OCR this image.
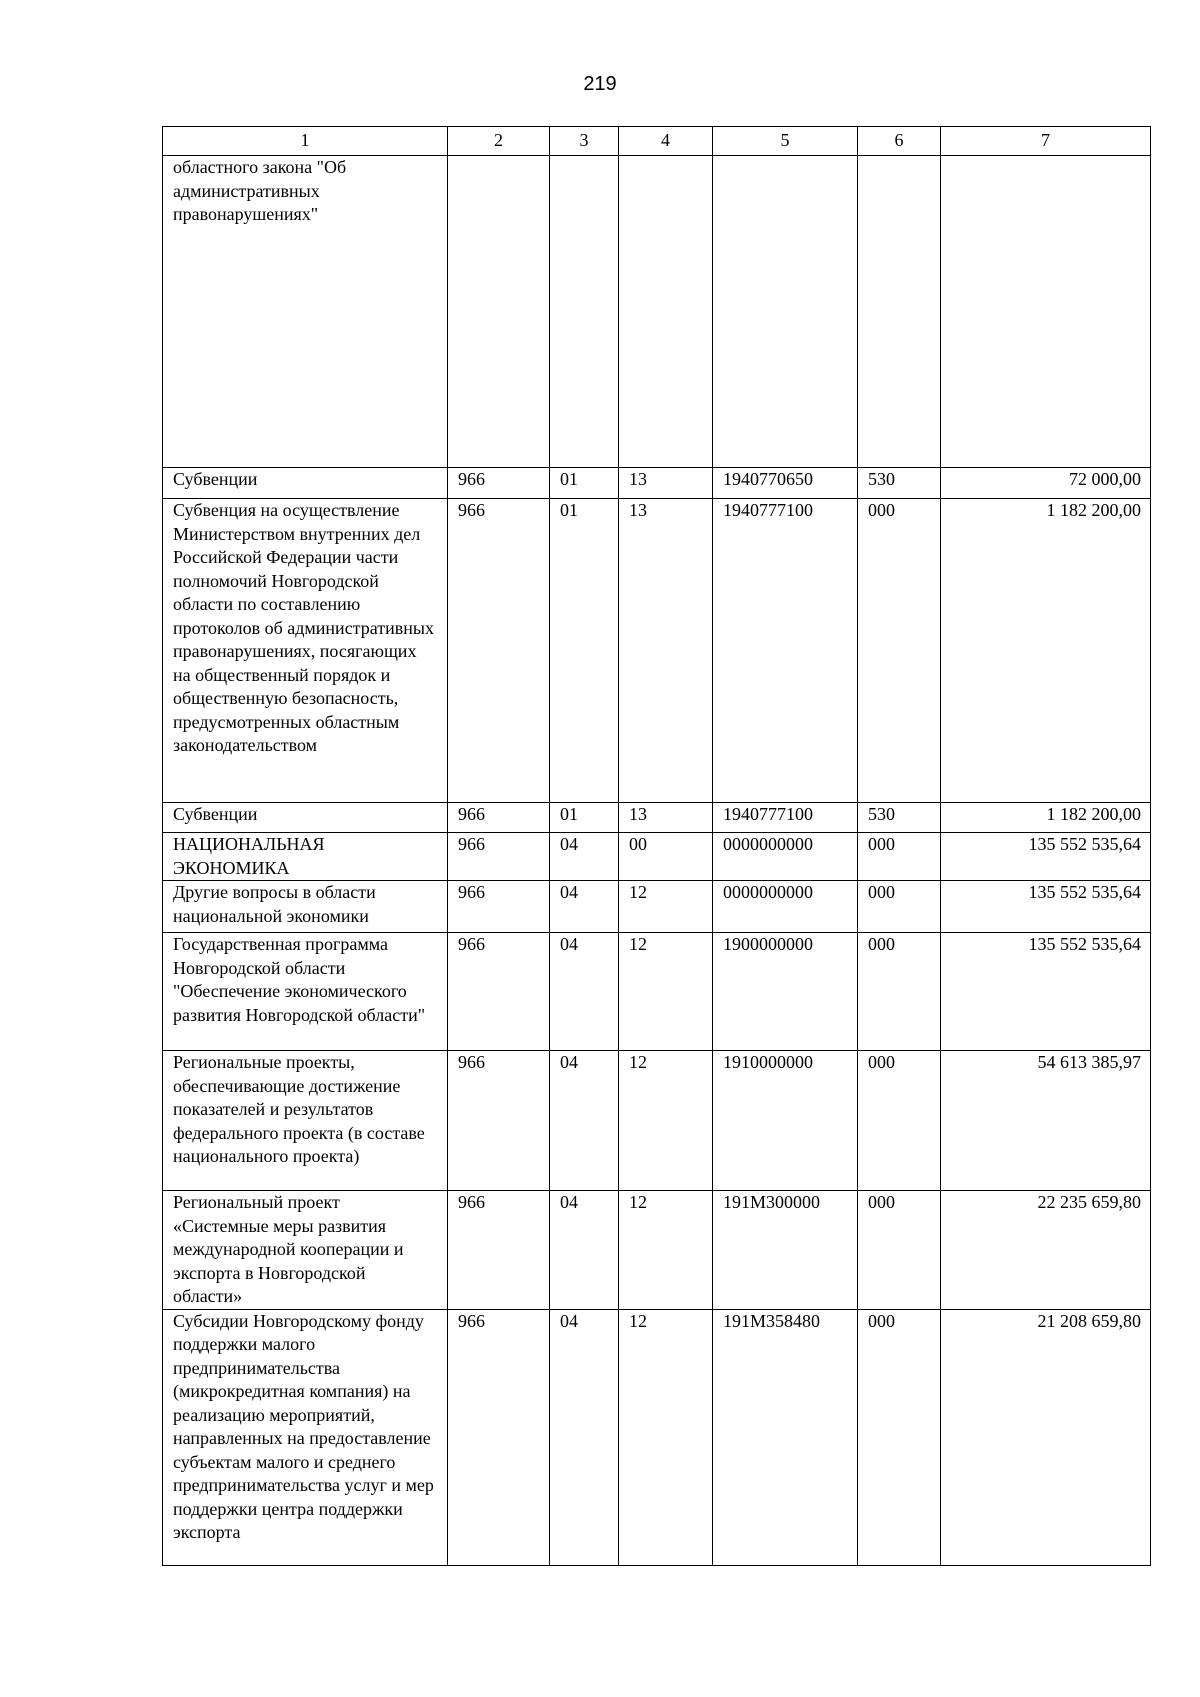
219
1	2	3	4	5	6	7
областного закона "Об административных правонарушениях"						
Субвенции	966	01	13	1940770650	530	72 000,00
Субвенция на осуществление Министерством внутренних дел Российской Федерации части полномочий Новгородской области по составлению протоколов об административных правонарушениях, посягающих на общественный порядок и общественную безопасность, предусмотренных областным законодательством	966	01	13	1940777100	000	1 182 200,00
Субвенции	966	01	13	1940777100	530	1 182 200,00
НАЦИОНАЛЬНАЯ ЭКОНОМИКА	966	04	00	0000000000	000	135 552 535,64
Другие вопросы в области национальной экономики	966	04	12	0000000000	000	135 552 535,64
Государственная программа Новгородской области "Обеспечение экономического развития Новгородской области"	966	04	12	1900000000	000	135 552 535,64
Региональные проекты, обеспечивающие достижение показателей и результатов федерального проекта (в составе национального проекта)	966	04	12	1910000000	000	54 613 385,97
Региональный проект «Системные меры развития международной кооперации и экспорта в Новгородской области»	966	04	12	191M300000	000	22 235 659,80
Субсидии Новгородскому фонду поддержки малого предпринимательства (микрокредитная компания) на реализацию мероприятий, направленных на предоставление субъектам малого и среднего предпринимательства услуг и мер поддержки центра поддержки экспорта	966	04	12	191M358480	000	21 208 659,80
